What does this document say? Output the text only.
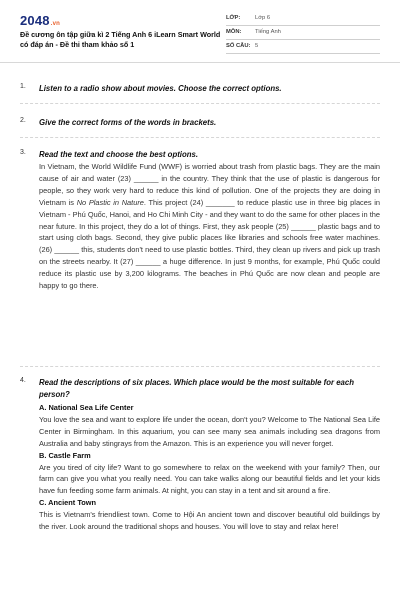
2048.vn
Đề cương ôn tập giữa kì 2 Tiếng Anh 6 iLearn Smart World có đáp án - Đề thi tham khảo số 1
LỚP:	Lớp 6
MÔN: Tiếng Anh
SỐ CÂU: 5
1. Listen to a radio show about movies. Choose the correct options.
2. Give the correct forms of the words in brackets.
3. Read the text and choose the best options.

In Vietnam, the World Wildlife Fund (WWF) is worried about trash from plastic bags. They are the main cause of air and water (23) ______ in the country. They think that the use of plastic is dangerous for people, so they work very hard to reduce this kind of pollution. One of the projects they are doing in Vietnam is No Plastic in Nature. This project (24) _______ to reduce plastic use in three big places in Vietnam - Phú Quốc, Hanoi, and Ho Chi Minh City - and they want to do the same for other places in the near future. In this project, they do a lot of things. First, they ask people (25) ______ plastic bags and to start using cloth bags. Second, they give public places like libraries and schools free water machines. (26) ______ this, students don't need to use plastic bottles. Third, they clean up rivers and pick up trash on the streets nearby. It (27) ______ a huge difference. In just 9 months, for example, Phú Quốc could reduce its plastic use by 3,200 kilograms. The beaches in Phú Quốc are now clean and people are happy to go there.

4. Read the descriptions of six places. Which place would be the most suitable for each person?

A. National Sea Life Center

You love the sea and want to explore life under the ocean, don't you? Welcome to The National Sea Life Center in Birmingham. In this aquarium, you can see many sea animals including sea dragons from Australia and baby stingrays from the Amazon. This is an experience you will never forget.

B. Castle Farm

Are you tired of city life? Want to go somewhere to relax on the weekend with your family? Then, our farm can give you what you really need. You can take walks along our beautiful fields and let your kids have fun feeding some farm animals. At night, you can stay in a tent and sit around a fire.

C. Ancient Town

This is Vietnam's friendliest town. Come to Hội An ancient town and discover beautiful old buildings by the river. Look around the traditional shops and houses. You will love to stay and relax here!
